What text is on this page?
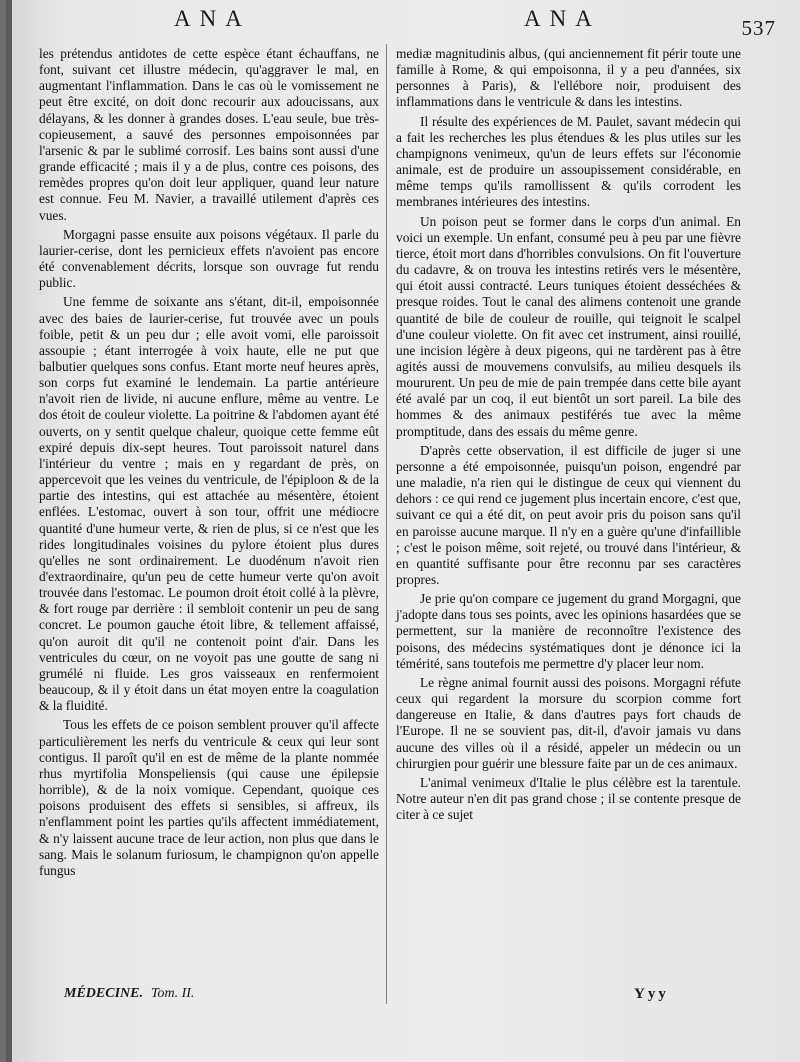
ANA	ANA	537

les prétendus antidotes de cette espèce étant échauffans, ne font, suivant cet illustre médecin, qu'aggraver le mal, en augmentant l'inflammation. Dans le cas où le vomissement ne peut être excité, on doit donc recourir aux adoucissans, aux délayans, & les donner à grandes doses. L'eau seule, bue très-copieusement, a sauvé des personnes empoisonnées par l'arsenic & par le sublimé corrosif. Les bains sont aussi d'une grande efficacité ; mais il y a de plus, contre ces poisons, des remèdes propres qu'on doit leur appliquer, quand leur nature est connue. Feu M. Navier, a travaillé utilement d'après ces vues.

Morgagni passe ensuite aux poisons végétaux. Il parle du laurier-cerise, dont les pernicieux effets n'avoient pas encore été convenablement décrits, lorsque son ouvrage fut rendu public.

Une femme de soixante ans s'étant, dit-il, empoisonnée avec des baies de laurier-cerise, fut trouvée avec un pouls foible, petit & un peu dur ; elle avoit vomi, elle paroissoit assoupie ; étant interrogée à voix haute, elle ne put que balbutier quelques sons confus. Etant morte neuf heures après, son corps fut examiné le lendemain. La partie antérieure n'avoit rien de livide, ni aucune enflure, même au ventre. Le dos étoit de couleur violette. La poitrine & l'abdomen ayant été ouverts, on y sentit quelque chaleur, quoique cette femme eût expiré depuis dix-sept heures. Tout paroissoit naturel dans l'intérieur du ventre ; mais en y regardant de près, on appercevoit que les veines du ventricule, de l'épiploon & de la partie des intestins, qui est attachée au mésentère, étoient enflées. L'estomac, ouvert à son tour, offrit une médiocre quantité d'une humeur verte, & rien de plus, si ce n'est que les rides longitudinales voisines du pylore étoient plus dures qu'elles ne sont ordinairement. Le duodénum n'avoit rien d'extraordinaire, qu'un peu de cette humeur verte qu'on avoit trouvée dans l'estomac. Le poumon droit étoit collé à la plèvre, & fort rouge par derrière : il sembloit contenir un peu de sang concret. Le poumon gauche étoit libre, & tellement affaissé, qu'on auroit dit qu'il ne contenoit point d'air. Dans les ventricules du cœur, on ne voyoit pas une goutte de sang ni grumélé ni fluide. Les gros vaisseaux en renfermoient beaucoup, & il y étoit dans un état moyen entre la coagulation & la fluidité.

Tous les effets de ce poison semblent prouver qu'il affecte particulièrement les nerfs du ventricule & ceux qui leur sont contigus. Il paroît qu'il en est de même de la plante nommée rhus myrtifolia Monspeliensis (qui cause une épilepsie horrible), & de la noix vomique. Cependant, quoique ces poisons produisent des effets si sensibles, si affreux, ils n'enflamment point les parties qu'ils affectent immédiatement, & n'y laissent aucune trace de leur action, non plus que dans le sang. Mais le solanum furiosum, le champignon qu'on appelle fungus

mediæ magnitudinis albus, (qui anciennement fit périr toute une famille à Rome, & qui empoisonna, il y a peu d'années, six personnes à Paris), & l'ellébore noir, produisent des inflammations dans le ventricule & dans les intestins.

Il résulte des expériences de M. Paulet, savant médecin qui a fait les recherches les plus étendues & les plus utiles sur les champignons venimeux, qu'un de leurs effets sur l'économie animale, est de produire un assoupissement considérable, en même temps qu'ils ramollissent & qu'ils corrodent les membranes intérieures des intestins.

Un poison peut se former dans le corps d'un animal. En voici un exemple. Un enfant, consumé peu à peu par une fièvre tierce, étoit mort dans d'horribles convulsions. On fit l'ouverture du cadavre, & on trouva les intestins retirés vers le mésentère, qui étoit aussi contracté. Leurs tuniques étoient desséchées & presque roides. Tout le canal des alimens contenoit une grande quantité de bile de couleur de rouille, qui teignoit le scalpel d'une couleur violette. On fit avec cet instrument, ainsi rouillé, une incision légère à deux pigeons, qui ne tardèrent pas à être agités aussi de mouvemens convulsifs, au milieu desquels ils moururent. Un peu de mie de pain trempée dans cette bile ayant été avalé par un coq, il eut bientôt un sort pareil. La bile des hommes & des animaux pestiférés tue avec la même promptitude, dans des essais du même genre.

D'après cette observation, il est difficile de juger si une personne a été empoisonnée, puisqu'un poison, engendré par une maladie, n'a rien qui le distingue de ceux qui viennent du dehors : ce qui rend ce jugement plus incertain encore, c'est que, suivant ce qui a été dit, on peut avoir pris du poison sans qu'il en paroisse aucune marque. Il n'y en a guère qu'une d'infaillible ; c'est le poison même, soit rejeté, ou trouvé dans l'intérieur, & en quantité suffisante pour être reconnu par ses caractères propres.

Je prie qu'on compare ce jugement du grand Morgagni, que j'adopte dans tous ses points, avec les opinions hasardées que se permettent, sur la manière de reconnoître l'existence des poisons, des médecins systématiques dont je dénonce ici la témérité, sans toutefois me permettre d'y placer leur nom.

Le règne animal fournit aussi des poisons. Morgagni réfute ceux qui regardent la morsure du scorpion comme fort dangereuse en Italie, & dans d'autres pays fort chauds de l'Europe. Il ne se souvient pas, dit-il, d'avoir jamais vu dans aucune des villes où il a résidé, appeler un médecin ou un chirurgien pour guérir une blessure faite par un de ces animaux.

L'animal venimeux d'Italie le plus célèbre est la tarentule. Notre auteur n'en dit pas grand chose ; il se contente presque de citer à ce sujet

MÉDECINE. Tom. II.	Yyy
